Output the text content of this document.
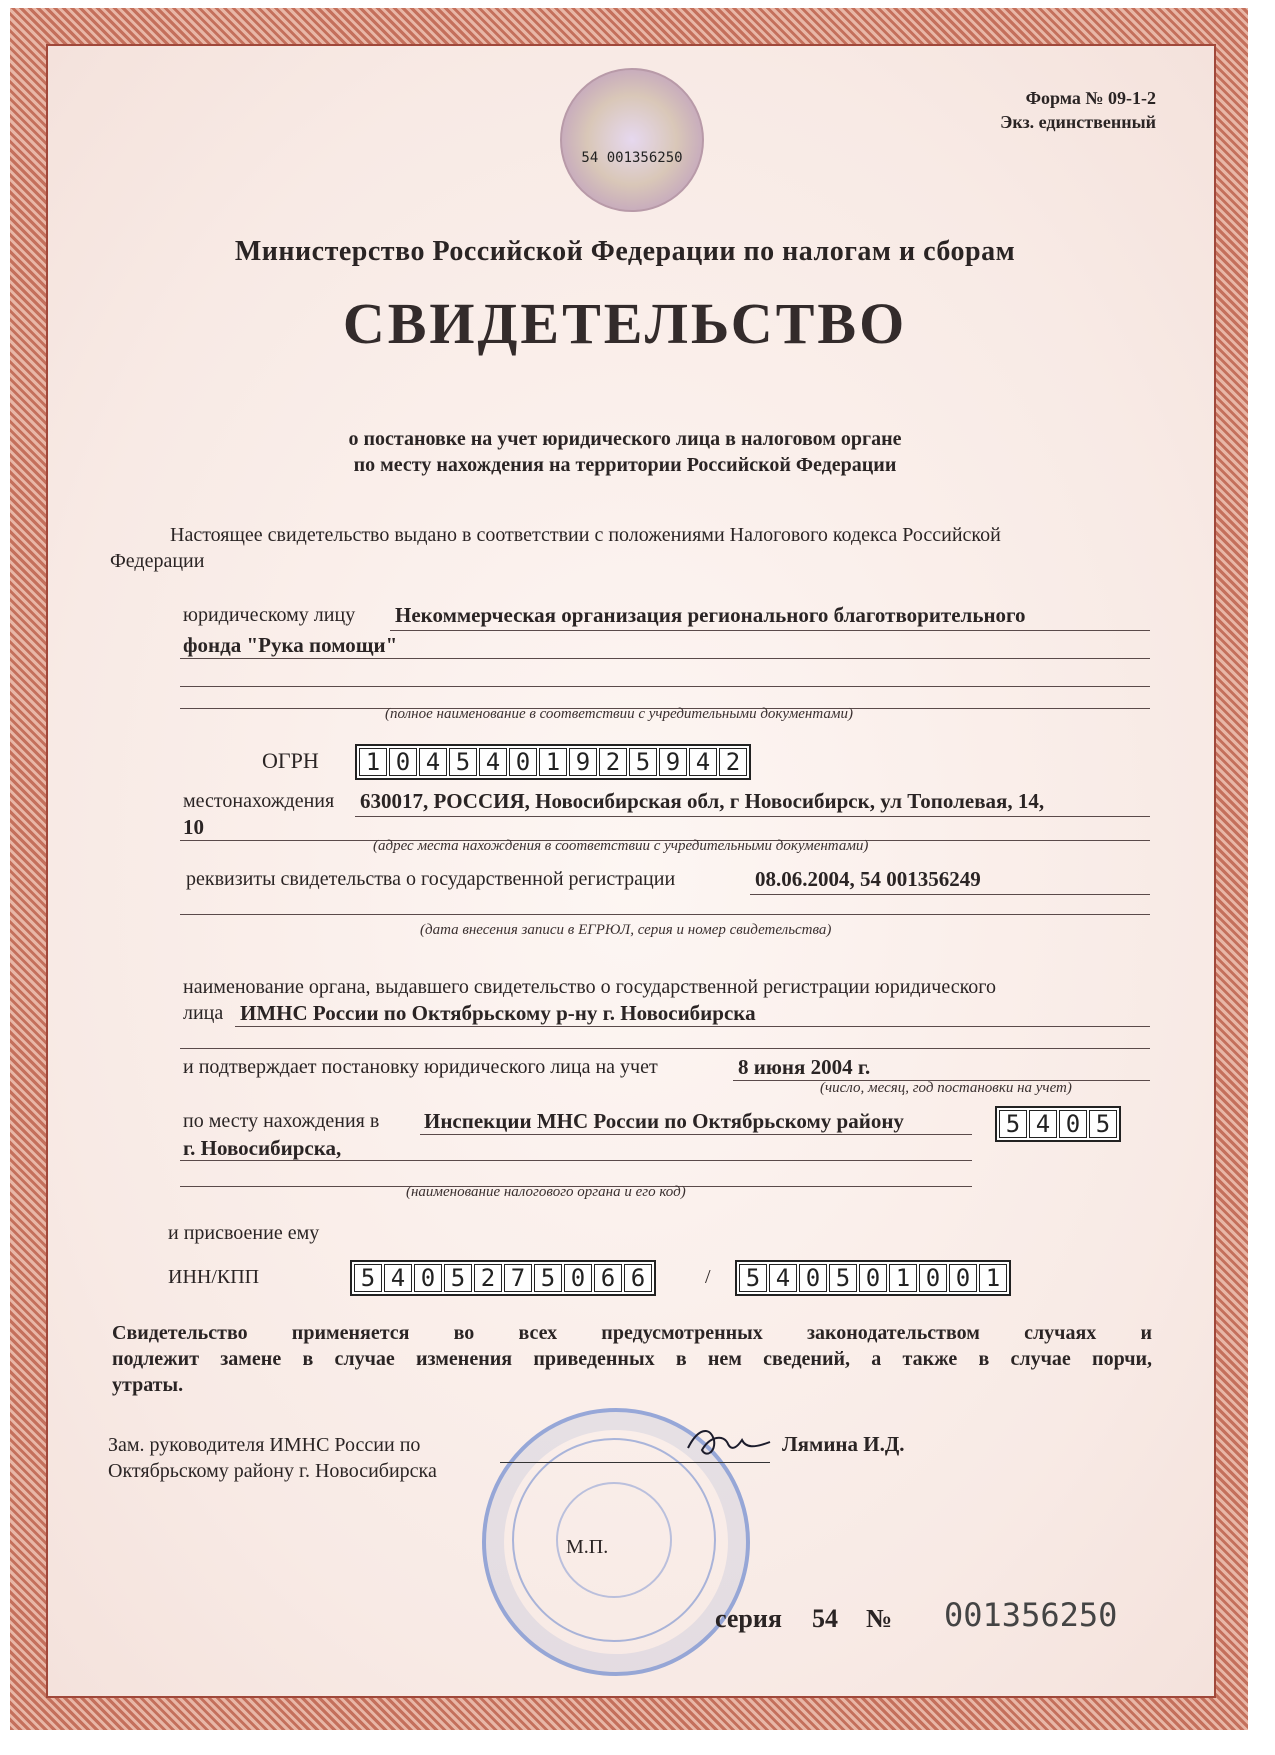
54 001356250
Форма № 09-1-2
Экз. единственный
Министерство Российской Федерации по налогам и сборам
СВИДЕТЕЛЬСТВО
о постановке на учет юридического лица в налоговом органе
по месту нахождения на территории Российской Федерации
Настоящее свидетельство выдано в соответствии с положениями Налогового кодекса Российской
Федерации
юридическому лицу Некоммерческая организация регионального благотворительного
фонда "Рука помощи"
(полное наименование в соответствии с учредительными документами)
ОГРН 1 0 4 5 4 0 1 9 2 5 9 4 2
местонахождения 630017, РОССИЯ, Новосибирская обл, г Новосибирск, ул Тополевая, 14,
10
(адрес места нахождения в соответствии с учредительными документами)
реквизиты свидетельства о государственной регистрации	08.06.2004, 54 001356249
(дата внесения записи в ЕГРЮЛ, серия и номер свидетельства)
наименование органа, выдавшего свидетельство о государственной регистрации юридического
лица ИМНС России по Октябрьскому р-ну г. Новосибирска
и подтверждает постановку юридического лица на учет	8 июня 2004 г.
(число, месяц, год постановки на учет)
по месту нахождения в Инспекции МНС России по Октябрьскому району
г. Новосибирска,
5 4 0 5
(наименование налогового органа и его код)
и присвоение ему
ИНН/КПП	5 4 0 5 2 7 5 0 6 6	/ 5 4 0 5 0 1 0 0 1
Свидетельство применяется во всех предусмотренных законодательством случаях и
подлежит замене в случае изменения приведенных в нем сведений, а также в случае порчи,
утраты.
Зам. руководителя ИМНС России по
Октябрьскому району г. Новосибирска
Лямина И.Д.
М.П.
серия 54 № 001356250
